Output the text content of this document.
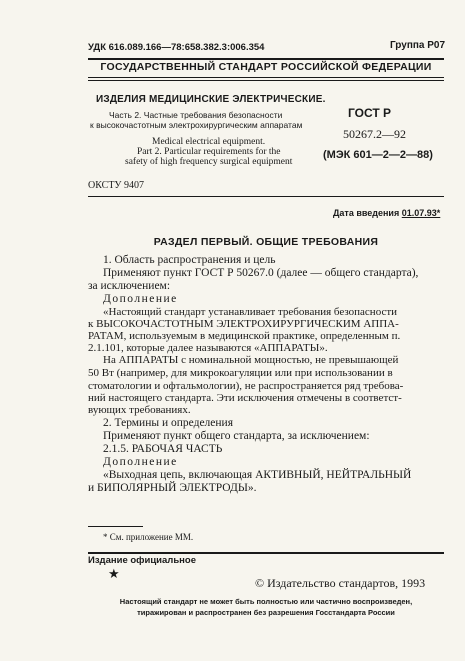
УДК 616.089.166—78:658.382.3:006.354	Группа Р07
ГОСУДАРСТВЕННЫЙ СТАНДАРТ РОССИЙСКОЙ ФЕДЕРАЦИИ
ИЗДЕЛИЯ МЕДИЦИНСКИЕ ЭЛЕКТРИЧЕСКИЕ.
Часть 2. Частные требования безопасности
к высокочастотным электрохирургическим аппаратам
Medical electrical equipment.
Part 2. Particular requirements for the
safety of high frequency surgical equipment
ГОСТ Р
50267.2—92
(МЭК 601—2—2—88)
ОКСТУ 9407
Дата введения 01.07.93*
РАЗДЕЛ ПЕРВЫЙ. ОБЩИЕ ТРЕБОВАНИЯ
1. Область распространения и цель
Применяют пункт ГОСТ Р 50267.0 (далее — общего стандарта),
за исключением:
Дополнение
«Настоящий стандарт устанавливает требования безопасности
к ВЫСОКОЧАСТОТНЫМ ЭЛЕКТРОХИРУРГИЧЕСКИМ АППА-
РАТАМ, используемым в медицинской практике, определенным п.
2.1.101, которые далее называются «АППАРАТЫ».
На АППАРАТЫ с номинальной мощностью, не превышающей
50 Вт (например, для микрокоагуляции или при использовании в
стоматологии и офтальмологии), не распространяется ряд требова-
ний настоящего стандарта. Эти исключения отмечены в соответст-
вующих требованиях.
2. Термины и определения
Применяют пункт общего стандарта, за исключением:
2.1.5. РАБОЧАЯ ЧАСТЬ
Дополнение
«Выходная цепь, включающая АКТИВНЫЙ, НЕЙТРАЛЬНЫЙ
и БИПОЛЯРНЫЙ ЭЛЕКТРОДЫ».
* См. приложение ММ.
Издание официальное
★
© Издательство стандартов, 1993
Настоящий стандарт не может быть полностью или частично воспроизведен,
тиражирован и распространен без разрешения Госстандарта России
